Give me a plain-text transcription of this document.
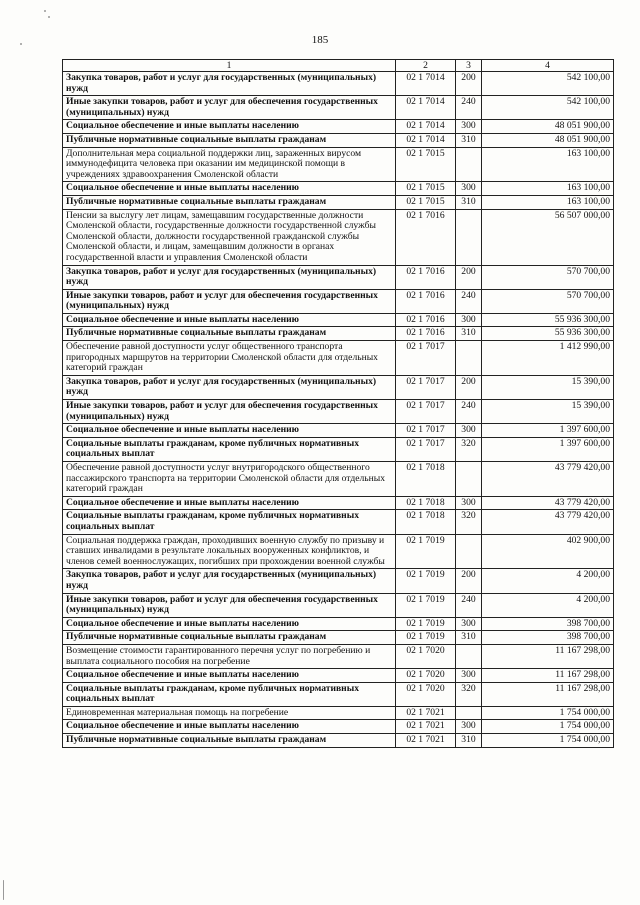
185
1	2	3	4
Закупка товаров, работ и услуг для государственных (муниципальных) нужд	02 1 7014	200	542 100,00
Иные закупки товаров, работ и услуг для обеспечения государственных (муниципальных) нужд	02 1 7014	240	542 100,00
Социальное обеспечение и иные выплаты населению	02 1 7014	300	48 051 900,00
Публичные нормативные социальные выплаты гражданам	02 1 7014	310	48 051 900,00
Дополнительная мера социальной поддержки лиц, зараженных вирусом иммунодефицита человека при оказании им медицинской помощи в учреждениях здравоохранения Смоленской области	02 1 7015		163 100,00
Социальное обеспечение и иные выплаты населению	02 1 7015	300	163 100,00
Публичные нормативные социальные выплаты гражданам	02 1 7015	310	163 100,00
Пенсии за выслугу лет лицам, замещавшим государственные должности Смоленской области, государственные должности государственной службы Смоленской области, должности государственной гражданской службы Смоленской области, и лицам, замещавшим должности в органах государственной власти и управления Смоленской области	02 1 7016		56 507 000,00
Закупка товаров, работ и услуг для государственных (муниципальных) нужд	02 1 7016	200	570 700,00
Иные закупки товаров, работ и услуг для обеспечения государственных (муниципальных) нужд	02 1 7016	240	570 700,00
Социальное обеспечение и иные выплаты населению	02 1 7016	300	55 936 300,00
Публичные нормативные социальные выплаты гражданам	02 1 7016	310	55 936 300,00
Обеспечение равной доступности услуг общественного транспорта пригородных маршрутов на территории Смоленской области для отдельных категорий граждан	02 1 7017		1 412 990,00
Закупка товаров, работ и услуг для государственных (муниципальных) нужд	02 1 7017	200	15 390,00
Иные закупки товаров, работ и услуг для обеспечения государственных (муниципальных) нужд	02 1 7017	240	15 390,00
Социальное обеспечение и иные выплаты населению	02 1 7017	300	1 397 600,00
Социальные выплаты гражданам, кроме публичных нормативных социальных выплат	02 1 7017	320	1 397 600,00
Обеспечение равной доступности услуг внутригородского общественного пассажирского транспорта на территории Смоленской области для отдельных категорий граждан	02 1 7018		43 779 420,00
Социальное обеспечение и иные выплаты населению	02 1 7018	300	43 779 420,00
Социальные выплаты гражданам, кроме публичных нормативных социальных выплат	02 1 7018	320	43 779 420,00
Социальная поддержка граждан, проходивших военную службу по призыву и ставших инвалидами в результате локальных вооруженных конфликтов, и членов семей военнослужащих, погибших при прохождении военной службы	02 1 7019		402 900,00
Закупка товаров, работ и услуг для государственных (муниципальных) нужд	02 1 7019	200	4 200,00
Иные закупки товаров, работ и услуг для обеспечения государственных (муниципальных) нужд	02 1 7019	240	4 200,00
Социальное обеспечение и иные выплаты населению	02 1 7019	300	398 700,00
Публичные нормативные социальные выплаты гражданам	02 1 7019	310	398 700,00
Возмещение стоимости гарантированного перечня услуг по погребению и выплата социального пособия на погребение	02 1 7020		11 167 298,00
Социальное обеспечение и иные выплаты населению	02 1 7020	300	11 167 298,00
Социальные выплаты гражданам, кроме публичных нормативных социальных выплат	02 1 7020	320	11 167 298,00
Единовременная материальная помощь на погребение	02 1 7021		1 754 000,00
Социальное обеспечение и иные выплаты населению	02 1 7021	300	1 754 000,00
Публичные нормативные социальные выплаты гражданам	02 1 7021	310	1 754 000,00
